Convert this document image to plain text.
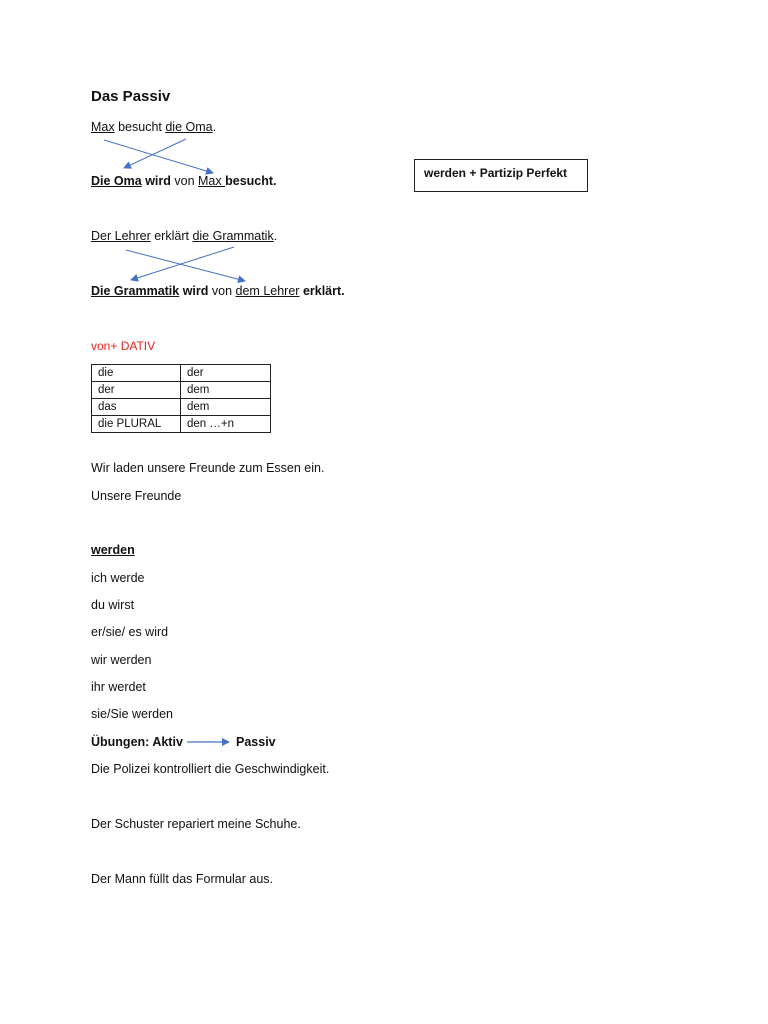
Das Passiv
Max besucht die Oma.
Die Oma wird von Max besucht.
werden + Partizip Perfekt
Der Lehrer erklärt die Grammatik.
Die Grammatik wird von dem Lehrer erklärt.
von+ DATIV
die	der
der	dem
das	dem
die PLURAL	den …+n
Wir laden unsere Freunde zum Essen ein.
Unsere Freunde
werden
ich werde
du wirst
er/sie/ es wird
wir werden
ihr werdet
sie/Sie werden
Übungen: Aktiv	Passiv
Die Polizei kontrolliert die Geschwindigkeit.
Der Schuster repariert meine Schuhe.
Der Mann füllt das Formular aus.
